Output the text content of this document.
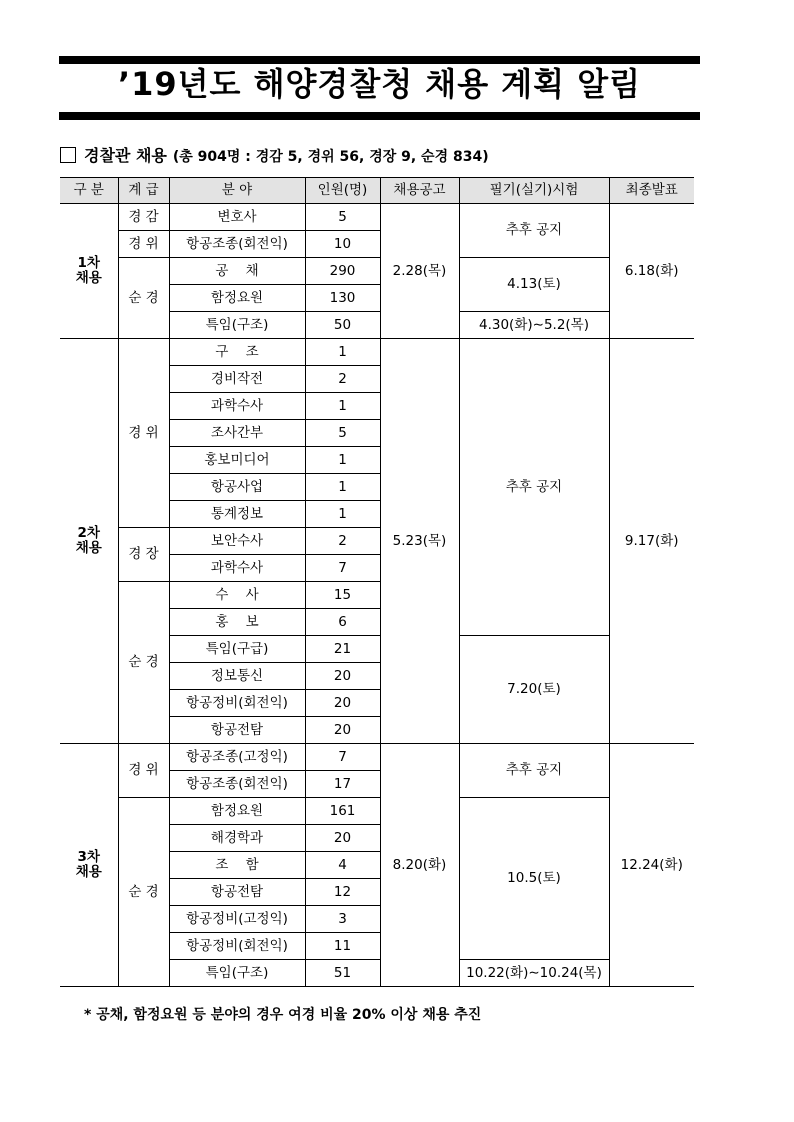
’19년도 해양경찰청 채용 계획 알림
경찰관 채용 (총 904명 : 경감 5, 경위 56, 경장 9, 순경 834)
구 분	계 급	분 야	인원(명)	채용공고	필기(실기)시험	최종발표
1차
채용	경 감	변호사	5	2.28(목)	추후 공지	6.18(화)
	경 위	항공조종(회전익)	10			
	순 경	공    채	290		4.13(토)	
		함정요원	130			
		특임(구조)	50		4.30(화)∼5.2(목)	
2차
채용	경 위	구    조	1	5.23(목)	추후 공지	9.17(화)
		경비작전	2			
		과학수사	1			
		조사간부	5			
		홍보미디어	1			
		항공사업	1			
		통계정보	1			
	경 장	보안수사	2			
		과학수사	7			
	순 경	수    사	15			
		홍    보	6			
		특임(구급)	21		7.20(토)	
		정보통신	20			
		항공정비(회전익)	20			
		항공전탐	20			
3차
채용	경 위	항공조종(고정익)	7	8.20(화)	추후 공지	12.24(화)
		항공조종(회전익)	17			
	순 경	함정요원	161		10.5(토)	
		해경학과	20			
		조    함	4			
		항공전탐	12			
		항공정비(고정익)	3			
		항공정비(회전익)	11			
		특임(구조)	51		10.22(화)∼10.24(목)	
* 공채, 함정요원 등 분야의 경우 여경 비율 20% 이상 채용 추진
